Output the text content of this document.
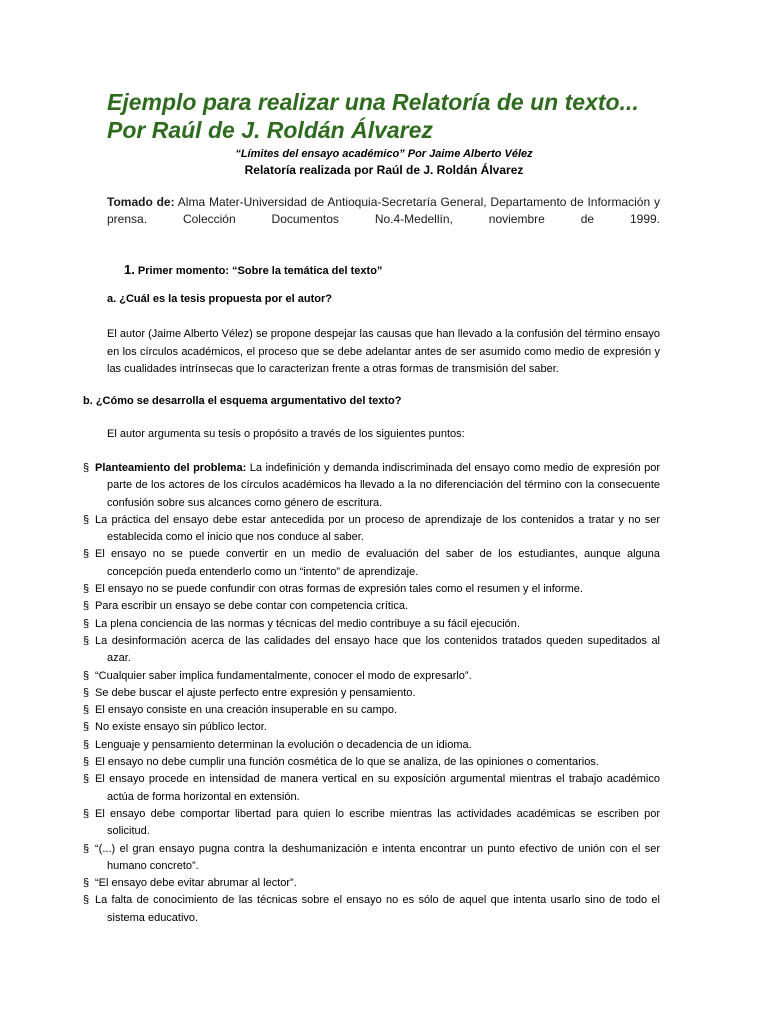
Ejemplo para realizar una Relatoría de un texto...
Por Raúl de J. Roldán Álvarez
“Límites del ensayo académico” Por Jaime Alberto Vélez
Relatoría realizada por Raúl de J. Roldán Álvarez
Tomado de: Alma Mater-Universidad de Antioquia-Secretaría General, Departamento de Información y prensa. Colección Documentos No.4-Medellín, noviembre de 1999.
1. Primer momento: “Sobre la temática del texto”
a. ¿Cuál es la tesis propuesta por el autor?
El autor (Jaime Alberto Vélez) se propone despejar las causas que han llevado a la confusión del término ensayo en los círculos académicos, el proceso que se debe adelantar antes de ser asumido como medio de expresión y las cualidades intrínsecas que lo caracterizan frente a otras formas de transmisión del saber.
b. ¿Cómo se desarrolla el esquema argumentativo del texto?
El autor argumenta su tesis o propósito a través de los siguientes puntos:
§ Planteamiento del problema: La indefinición y demanda indiscriminada del ensayo como medio de expresión por parte de los actores de los círculos académicos ha llevado a la no diferenciación del término con la consecuente confusión sobre sus alcances como género de escritura.
§ La práctica del ensayo debe estar antecedida por un proceso de aprendizaje de los contenidos a tratar y no ser establecida como el inicio que nos conduce al saber.
§ El ensayo no se puede convertir en un medio de evaluación del saber de los estudiantes, aunque alguna concepción pueda entenderlo como un “intento” de aprendizaje.
§ El ensayo no se puede confundir con otras formas de expresión tales como el resumen y el informe.
§ Para escribir un ensayo se debe contar con competencia crítica.
§ La plena conciencia de las normas y técnicas del medio contribuye a su fácil ejecución.
§ La desinformación acerca de las calidades del ensayo hace que los contenidos tratados queden supeditados al azar.
§ “Cualquier saber implica fundamentalmente, conocer el modo de expresarlo”.
§ Se debe buscar el ajuste perfecto entre expresión y pensamiento.
§ El ensayo consiste en una creación insuperable en su campo.
§ No existe ensayo sin público lector.
§ Lenguaje y pensamiento determinan la evolución o decadencia de un idioma.
§ El ensayo no debe cumplir una función cosmética de lo que se analiza, de las opiniones o comentarios.
§ El ensayo procede en intensidad de manera vertical en su exposición argumental mientras el trabajo académico actúa de forma horizontal en extensión.
§ El ensayo debe comportar libertad para quien lo escribe mientras las actividades académicas se escriben por solicitud.
§ “(...) el gran ensayo pugna contra la deshumanización e intenta encontrar un punto efectivo de unión con el ser humano concreto”.
§ “El ensayo debe evitar abrumar al lector”.
§ La falta de conocimiento de las técnicas sobre el ensayo no es sólo de aquel que intenta usarlo sino de todo el sistema educativo.
